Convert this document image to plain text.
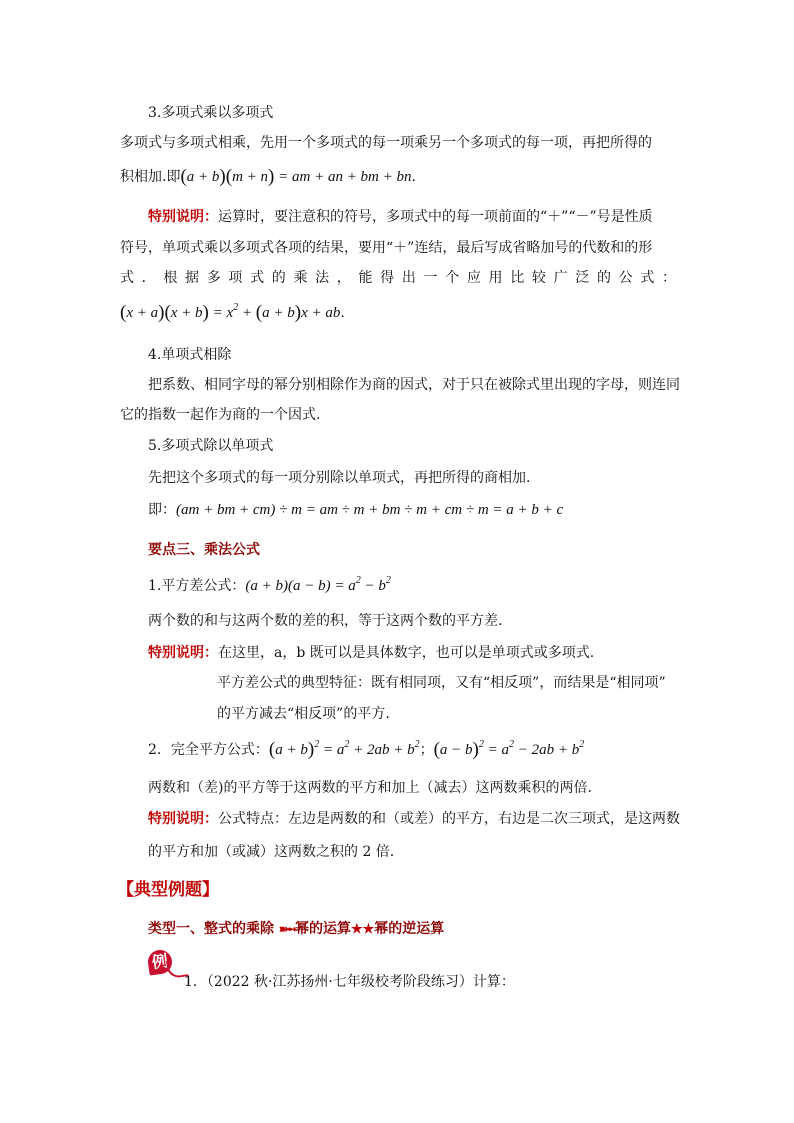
3.多项式乘以多项式
多项式与多项式相乘，先用一个多项式的每一项乘另一个多项式的每一项，再把所得的
积相加.即(a + b)(m + n) = am + an + bm + bn.
特别说明：运算时，要注意积的符号，多项式中的每一项前面的“＋”“－”号是性质
符号，单项式乘以多项式各项的结果，要用“＋”连结，最后写成省略加号的代数和的形
式．根据多项式的乘法，能得出一个应用比较广泛的公式：
$(x + a)(x + b) = x^2 + (a + b)x$ + ab.
4.单项式相除
把系数、相同字母的幂分别相除作为商的因式，对于只在被除式里出现的字母，则连同
它的指数一起作为商的一个因式.
5.多项式除以单项式
先把这个多项式的每一项分别除以单项式，再把所得的商相加.
即：(am + bm + cm) ÷ m = am ÷ m + bm ÷ m + cm ÷ m = a + b + c
要点三、乘法公式
1.平方差公式：$(a + b)(a - b) = a^2 - b^2$
两个数的和与这两个数的差的积，等于这两个数的平方差.
特别说明：在这里，a，b 既可以是具体数字，也可以是单项式或多项式.
平方差公式的典型特征：既有相同项，又有“相反项”，而结果是“相同项”
的平方减去“相反项”的平方.
2．完全平方公式：$(a + b)^2 = a^2 + 2ab + b^2$；$(a - b)^2 = a^2 - 2ab + b^2$
两数和（差)的平方等于这两数的平方和加上（减去）这两数乘积的两倍.
特别说明：公式特点：左边是两数的和（或差）的平方，右边是二次三项式，是这两数
的平方和加（或减）这两数之积的 2 倍.
【典型例题】
类型一、整式的乘除 ➽➻幂的运算★★幂的逆运算
例
1．（2022 秋·江苏扬州·七年级校考阶段练习）计算：
